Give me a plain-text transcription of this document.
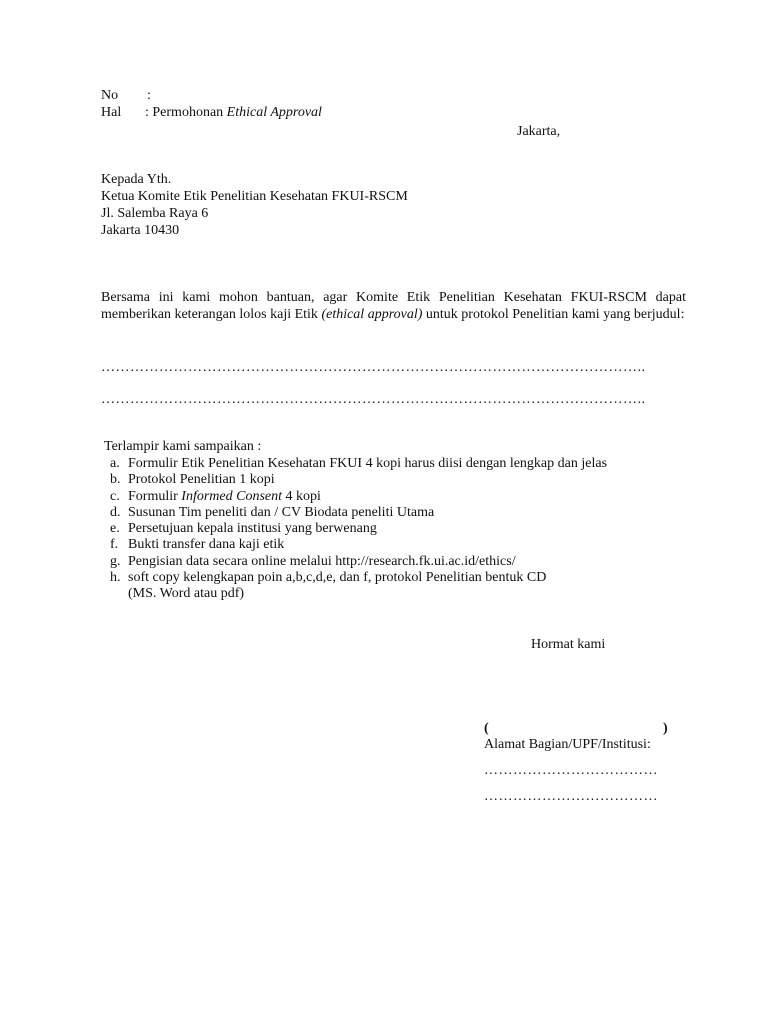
No :
Hal : Permohonan Ethical Approval
Jakarta,
Kepada Yth.
Ketua Komite Etik Penelitian Kesehatan FKUI-RSCM
Jl. Salemba Raya 6
Jakarta 10430
Bersama ini kami mohon bantuan, agar Komite Etik Penelitian Kesehatan FKUI-RSCM dapat memberikan keterangan lolos kaji Etik (ethical approval) untuk protokol Penelitian kami yang berjudul:
…………………………………………………………………………………………………..
…………………………………………………………………………………………………..
Terlampir kami sampaikan :
a. Formulir Etik Penelitian Kesehatan FKUI 4 kopi harus diisi dengan lengkap dan jelas
b. Protokol Penelitian 1 kopi
c. Formulir Informed Consent 4 kopi
d. Susunan Tim peneliti dan / CV Biodata peneliti Utama
e. Persetujuan kepala institusi yang berwenang
f. Bukti transfer dana kaji etik
g. Pengisian data secara online melalui http://research.fk.ui.ac.id/ethics/
h. soft copy kelengkapan poin a,b,c,d,e, dan f, protokol Penelitian bentuk CD
(MS. Word atau pdf)
Hormat kami
(	)
Alamat Bagian/UPF/Institusi:
………………………………
………………………………
